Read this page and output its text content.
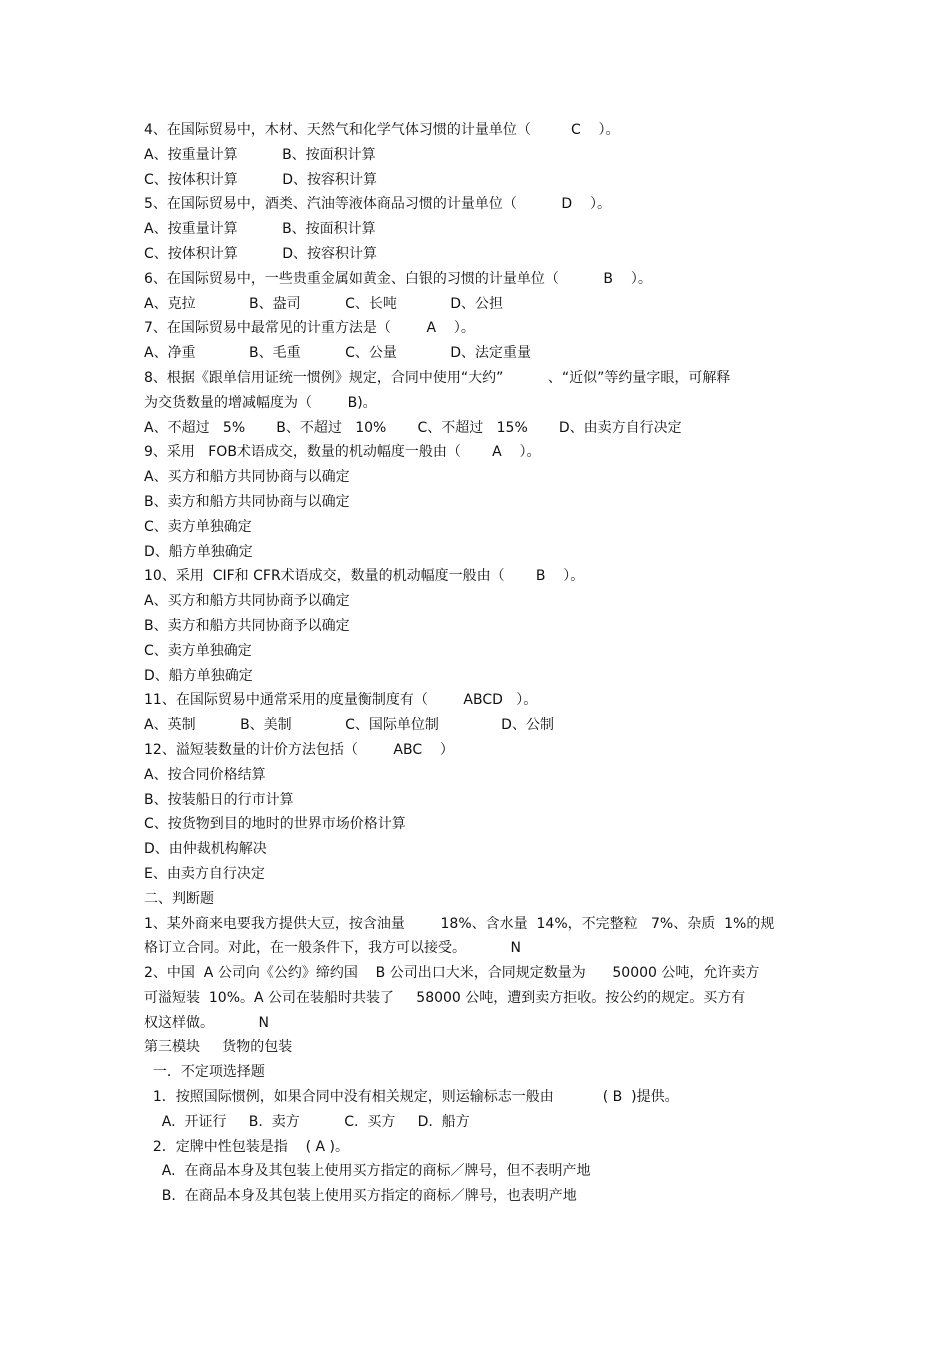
4、在国际贸易中，木材、天然气和化学气体习惯的计量单位（         C    ）。
A、按重量计算          B、按面积计算
C、按体积计算          D、按容积计算
5、在国际贸易中，酒类、汽油等液体商品习惯的计量单位（          D    ）。
A、按重量计算          B、按面积计算
C、按体积计算          D、按容积计算
6、在国际贸易中，一些贵重金属如黄金、白银的习惯的计量单位（          B    ）。
A、克拉            B、盎司          C、长吨            D、公担
7、在国际贸易中最常见的计重方法是（        A    ）。
A、净重            B、毛重          C、公量            D、法定重量
8、根据《跟单信用证统一惯例》规定，合同中使用“大约”          、“近似”等约量字眼，可解释
为交货数量的增减幅度为（        B)。
A、不超过   5%       B、不超过   10%       C、不超过   15%       D、由卖方自行决定
9、采用   FOB术语成交，数量的机动幅度一般由（       A    ）。
A、买方和船方共同协商与以确定
B、卖方和船方共同协商与以确定
C、卖方单独确定
D、船方单独确定
10、采用  CIF和 CFR术语成交，数量的机动幅度一般由（       B    ）。
A、买方和船方共同协商予以确定
B、卖方和船方共同协商予以确定
C、卖方单独确定
D、船方单独确定
11、在国际贸易中通常采用的度量衡制度有（        ABCD   ）。
A、英制          B、美制            C、国际单位制              D、公制
12、溢短装数量的计价方法包括（        ABC    ）
A、按合同价格结算
B、按装船日的行市计算
C、按货物到目的地时的世界市场价格计算
D、由仲裁机构解决
E、由卖方自行决定
二、判断题
1、某外商来电要我方提供大豆，按含油量        18%、含水量  14%，不完整粒   7%、杂质  1%的规
格订立合同。对此，在一般条件下，我方可以接受。          N
2、中国  A 公司向《公约》缔约国    B 公司出口大米，合同规定数量为      50000 公吨，允许卖方
可溢短装  10%。A 公司在装船时共装了     58000 公吨，遭到卖方拒收。按公约的规定。买方有
权这样做。          N
第三模块     货物的包装
一．不定项选择题
1．按照国际惯例，如果合同中没有相关规定，则运输标志一般由           ( B  )提供。
A.  开证行     B.  卖方          C.  买方     D.  船方
2．定牌中性包装是指    ( A )。
A.  在商品本身及其包装上使用买方指定的商标／牌号，但不表明产地
B.  在商品本身及其包装上使用买方指定的商标／牌号，也表明产地
